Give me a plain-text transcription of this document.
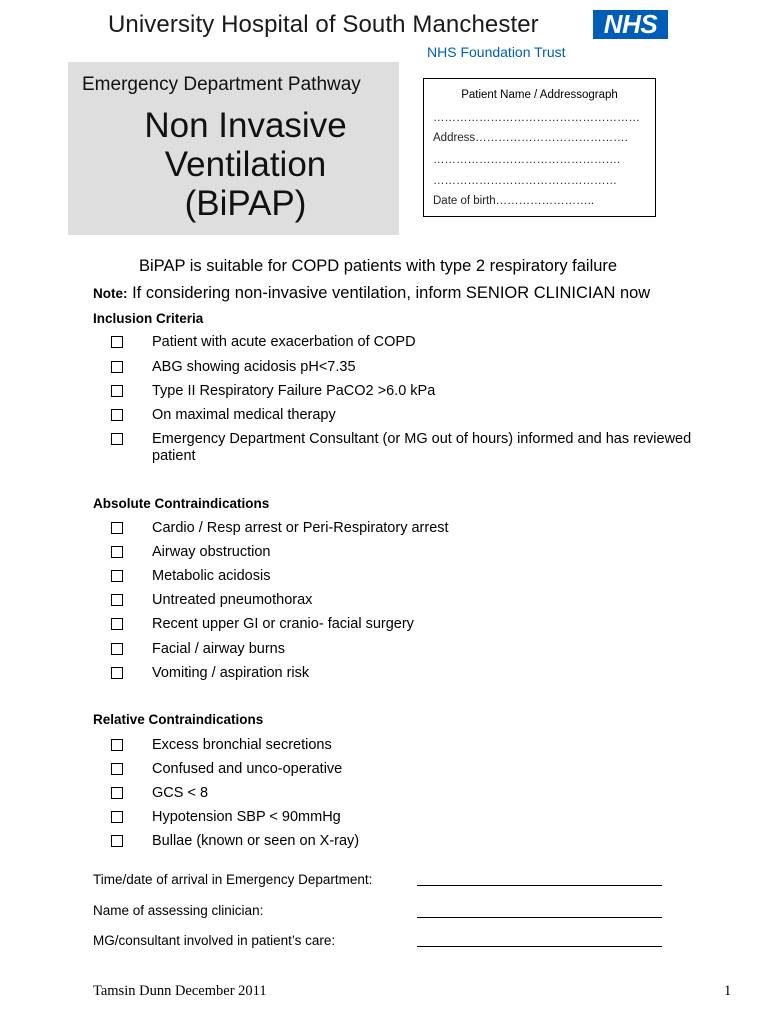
University Hospital of South Manchester	NHS
NHS Foundation Trust
Emergency Department Pathway
Non Invasive
Ventilation
(BiPAP)
Patient Name / Addressograph
………………………………………………
Address………………………………….
………………………………………….
…………………………………………
Date of birth……………………..
BiPAP is suitable for COPD patients with type 2 respiratory failure
Note: If considering non-invasive ventilation, inform SENIOR CLINICIAN now
Inclusion Criteria
Patient with acute exacerbation of COPD
ABG showing acidosis pH<7.35
Type II Respiratory Failure PaCO2 >6.0 kPa
On maximal medical therapy
Emergency Department Consultant (or MG out of hours) informed and has reviewed patient
Absolute Contraindications
Cardio / Resp arrest or Peri-Respiratory arrest
Airway obstruction
Metabolic acidosis
Untreated pneumothorax
Recent upper GI or cranio- facial surgery
Facial / airway burns
Vomiting / aspiration risk
Relative Contraindications
Excess bronchial secretions
Confused and unco-operative
GCS < 8
Hypotension SBP < 90mmHg
Bullae (known or seen on X-ray)
Time/date of arrival in Emergency Department:
Name of assessing clinician:
MG/consultant involved in patient’s care:
Tamsin Dunn December 2011	1
